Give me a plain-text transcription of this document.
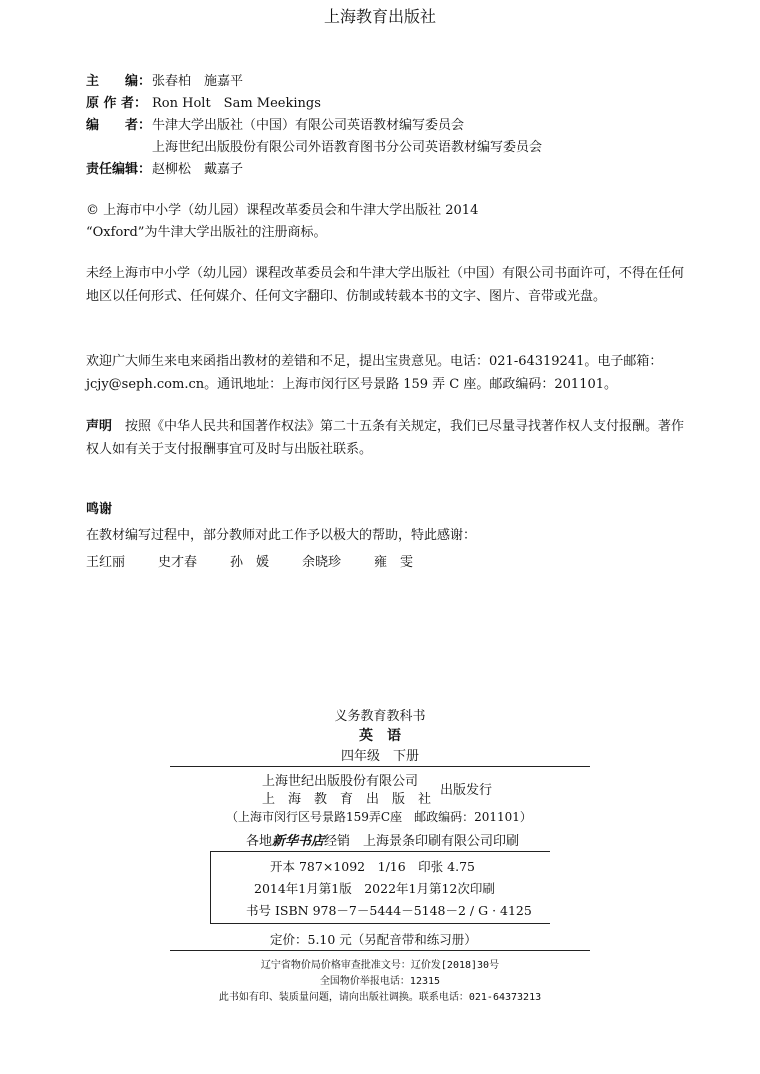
上海教育出版社
主　　编：张春柏　施嘉平
原 作 者： Ron Holt　Sam Meekings
编　　者：牛津大学出版社（中国）有限公司英语教材编写委员会
上海世纪出版股份有限公司外语教育图书分公司英语教材编写委员会
责任编辑：赵柳松　戴嘉子
© 上海市中小学（幼儿园）课程改革委员会和牛津大学出版社 2014
“Oxford”为牛津大学出版社的注册商标。
未经上海市中小学（幼儿园）课程改革委员会和牛津大学出版社（中国）有限公司书面许可，不得在任何地区以任何形式、任何媒介、任何文字翻印、仿制或转载本书的文字、图片、音带或光盘。
欢迎广大师生来电来函指出教材的差错和不足，提出宝贵意见。电话：021-64319241。电子邮箱：jcjy@seph.com.cn。通讯地址：上海市闵行区号景路 159 弄 C 座。邮政编码：201101。
声明　 按照《中华人民共和国著作权法》第二十五条有关规定，我们已尽量寻找著作权人支付报酬。著作权人如有关于支付报酬事宜可及时与出版社联系。
鸣谢
在教材编写过程中，部分教师对此工作予以极大的帮助，特此感谢：
王红丽	史才春	孙　媛	余晓珍	雍　雯
义务教育教科书
英　语
四年级　下册
上海世纪出版股份有限公司
上　海　教　育　出　版　社
出版发行
（上海市闵行区号景路159弄C座　邮政编码：201101）
各地新华书店经销　上海景条印刷有限公司印刷
开本 787×1092　1/16　印张 4.75
2014年1月第1版　2022年1月第12次印刷
书号 ISBN 978－7－5444－5148－2 / G · 4125
定价：5.10 元（另配音带和练习册）
辽宁省物价局价格审查批准文号：辽价发[2018]30号
全国物价举报电话：12315
此书如有印、装质量问题，请向出版社调换。联系电话：021-64373213
